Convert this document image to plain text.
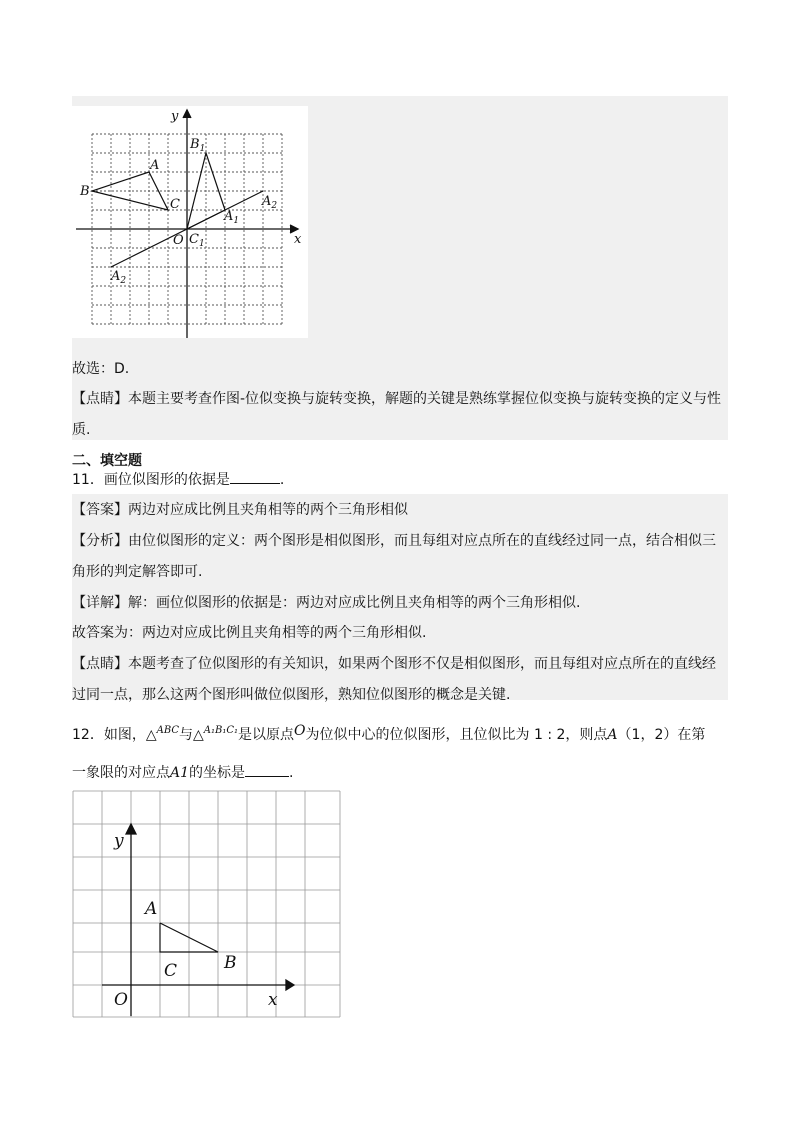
y
x
A
B
C
O
$B_1$
$A_1$
$A_2$
$C_1$
$A_2$
故选：D.
【点睛】本题主要考查作图-位似变换与旋转变换，解题的关键是熟练掌握位似变换与旋转变换的定义与性
质.
二、填空题
11．画位似图形的依据是	.
【答案】两边对应成比例且夹角相等的两个三角形相似
【分析】由位似图形的定义：两个图形是相似图形，而且每组对应点所在的直线经过同一点，结合相似三
角形的判定解答即可.
【详解】解：画位似图形的依据是：两边对应成比例且夹角相等的两个三角形相似.
故答案为：两边对应成比例且夹角相等的两个三角形相似.
【点睛】本题考查了位似图形的有关知识，如果两个图形不仅是相似图形，而且每组对应点所在的直线经
过同一点，那么这两个图形叫做位似图形，熟知位似图形的概念是关键.
12．如图，△$^{ABC}$与△$^{A_1B_1C_1}$是以原点O为位似中心的位似图形，且位似比为 1 : 2，则点A（1，2）在第
一象限的对应点A1的坐标是	.
y
x
A
B
C
O
